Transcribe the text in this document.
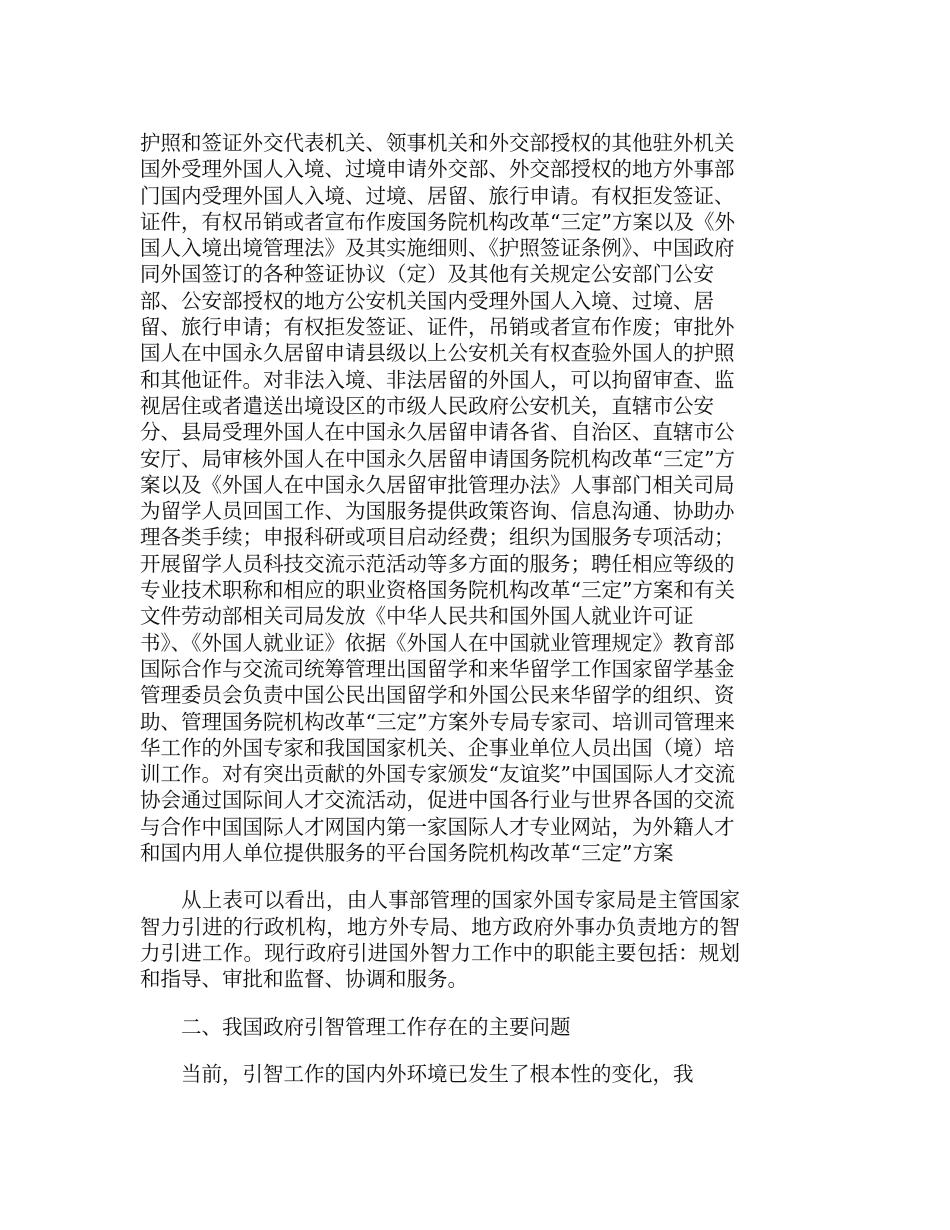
护照和签证外交代表机关、领事机关和外交部授权的其他驻外机关国外受理外国人入境、过境申请外交部、外交部授权的地方外事部门国内受理外国人入境、过境、居留、旅行申请。有权拒发签证、证件，有权吊销或者宣布作废国务院机构改革“三定”方案以及《外国人入境出境管理法》及其实施细则、《护照签证条例》、中国政府同外国签订的各种签证协议（定）及其他有关规定公安部门公安部、公安部授权的地方公安机关国内受理外国人入境、过境、居留、旅行申请；有权拒发签证、证件，吊销或者宣布作废；审批外国人在中国永久居留申请县级以上公安机关有权查验外国人的护照和其他证件。对非法入境、非法居留的外国人，可以拘留审查、监视居住或者遣送出境设区的市级人民政府公安机关，直辖市公安分、县局受理外国人在中国永久居留申请各省、自治区、直辖市公安厅、局审核外国人在中国永久居留申请国务院机构改革“三定”方案以及《外国人在中国永久居留审批管理办法》人事部门相关司局为留学人员回国工作、为国服务提供政策咨询、信息沟通、协助办理各类手续；申报科研或项目启动经费；组织为国服务专项活动；开展留学人员科技交流示范活动等多方面的服务；聘任相应等级的专业技术职称和相应的职业资格国务院机构改革“三定”方案和有关文件劳动部相关司局发放《中华人民共和国外国人就业许可证书》、《外国人就业证》依据《外国人在中国就业管理规定》教育部国际合作与交流司统筹管理出国留学和来华留学工作国家留学基金管理委员会负责中国公民出国留学和外国公民来华留学的组织、资助、管理国务院机构改革“三定”方案外专局专家司、培训司管理来华工作的外国专家和我国国家机关、企事业单位人员出国（境）培训工作。对有突出贡献的外国专家颁发“友谊奖”中国国际人才交流协会通过国际间人才交流活动，促进中国各行业与世界各国的交流与合作中国国际人才网国内第一家国际人才专业网站，为外籍人才和国内用人单位提供服务的平台国务院机构改革“三定”方案

从上表可以看出，由人事部管理的国家外国专家局是主管国家智力引进的行政机构，地方外专局、地方政府外事办负责地方的智力引进工作。现行政府引进国外智力工作中的职能主要包括：规划和指导、审批和监督、协调和服务。

二、我国政府引智管理工作存在的主要问题

当前，引智工作的国内外环境已发生了根本性的变化，我
